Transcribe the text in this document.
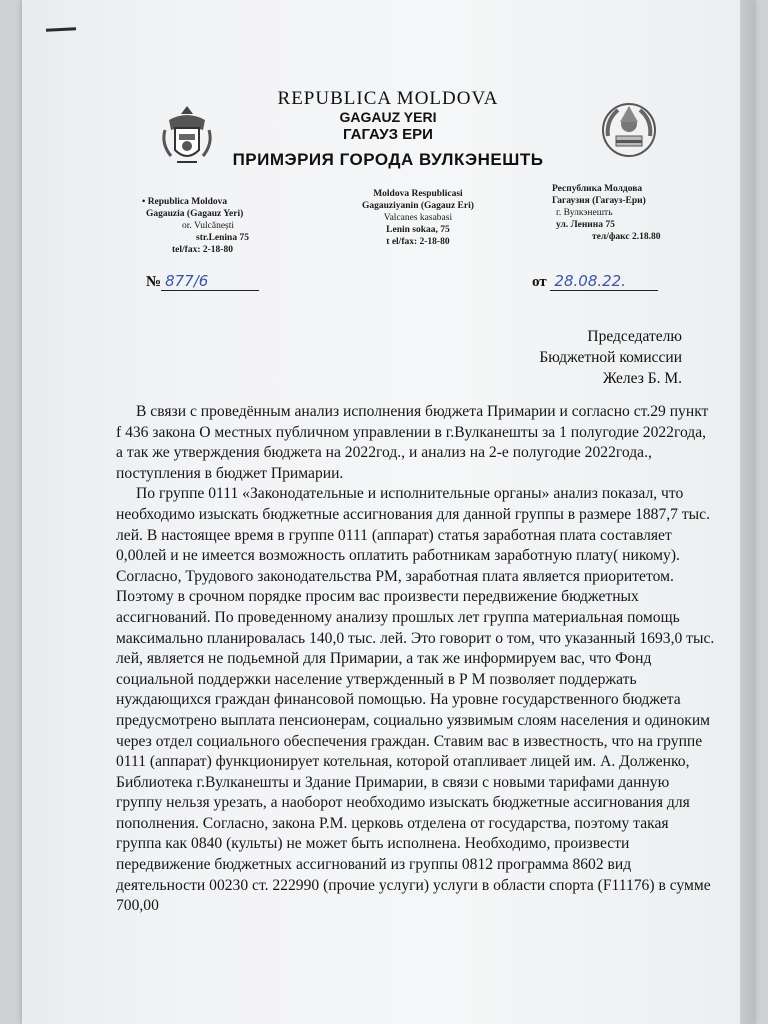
REPUBLICA MOLDOVA
GAGAUZ YERI
ГАГАУЗ ЕРИ
ПРИМЭРИЯ ГОРОДА ВУЛКЭНЕШТЬ
• Republica Moldova
Gagauzia (Gagauz Yeri)
or. Vulcănești
str.Lenina 75
tel/fax: 2-18-80
Moldova Respublicasi
Gagauziyanin (Gagauz Eri)
Valcanes kasabasi
Lenin sokaa, 75
t el/fax: 2-18-80
Республика Молдова
Гагаузия (Гагауз-Ери)
г. Вулкэнешть
ул. Ленина 75
тел/факс 2.18.80
№ 877/6	от 28.08.22.
Председателю
Бюджетной комиссии
Желез‌ Б. М.

В связи с проведённым анализ исполнения бюджета Примарии и согласно ст.29 пункт f 436 закона О местных публичном управлении в г.Вулканешты за 1 полугодие 2022года, а так же утверждения бюджета на 2022год., и анализ на 2-е полугодие 2022года., поступления в бюджет Примарии.

По группе 0111 «Законодательные и исполнительные органы» анализ показал, что необходимо изыскать бюджетные ассигнования для данной группы в размере 1887,7 тыс. лей. В настоящее время в группе 0111 (аппарат) статья заработная плата составляет 0,00лей и не имеется возможность оплатить работникам заработную плату( никому). Согласно, Трудового законодательства РМ, заработная плата является приоритетом. Поэтому в срочном порядке просим вас произвести передвижение бюджетных ассигнований. По проведенному анализу прошлых лет группа материальная помощь максимально планировалась 140,0 тыс. лей. Это говорит о том, что указанный 1693,0 тыс. лей, является не подьемной для Примарии, а так же информируем вас, что Фонд социальной поддержки население утвержденный в Р М позволяет поддержать нуждающихся граждан финансовой помощью. На уровне государственного бюджета предусмотрено выплата пенсионерам, социально уязвимым слоям населения и одиноким через отдел социального обеспечения граждан. Ставим вас в известность, что на группе 0111 (аппарат) функционирует котельная, которой отапливает лицей им. А. Долженко, Библиотека г.Вулканешты и Здание Примарии, в связи с новыми тарифами данную группу нельзя урезать, а наоборот необходимо изыскать бюджетные ассигнования для пополнения. Согласно, закона Р.М. церковь отделена от государства, поэтому такая группа как 0840 (культы) не может быть исполнена. Необходимо, произвести передвижение бюджетных ассигнований из группы 0812 программа 8602 вид деятельности 00230 ст. 222990 (прочие услуги) услуги в области спорта (F11176) в сумме 700,00
